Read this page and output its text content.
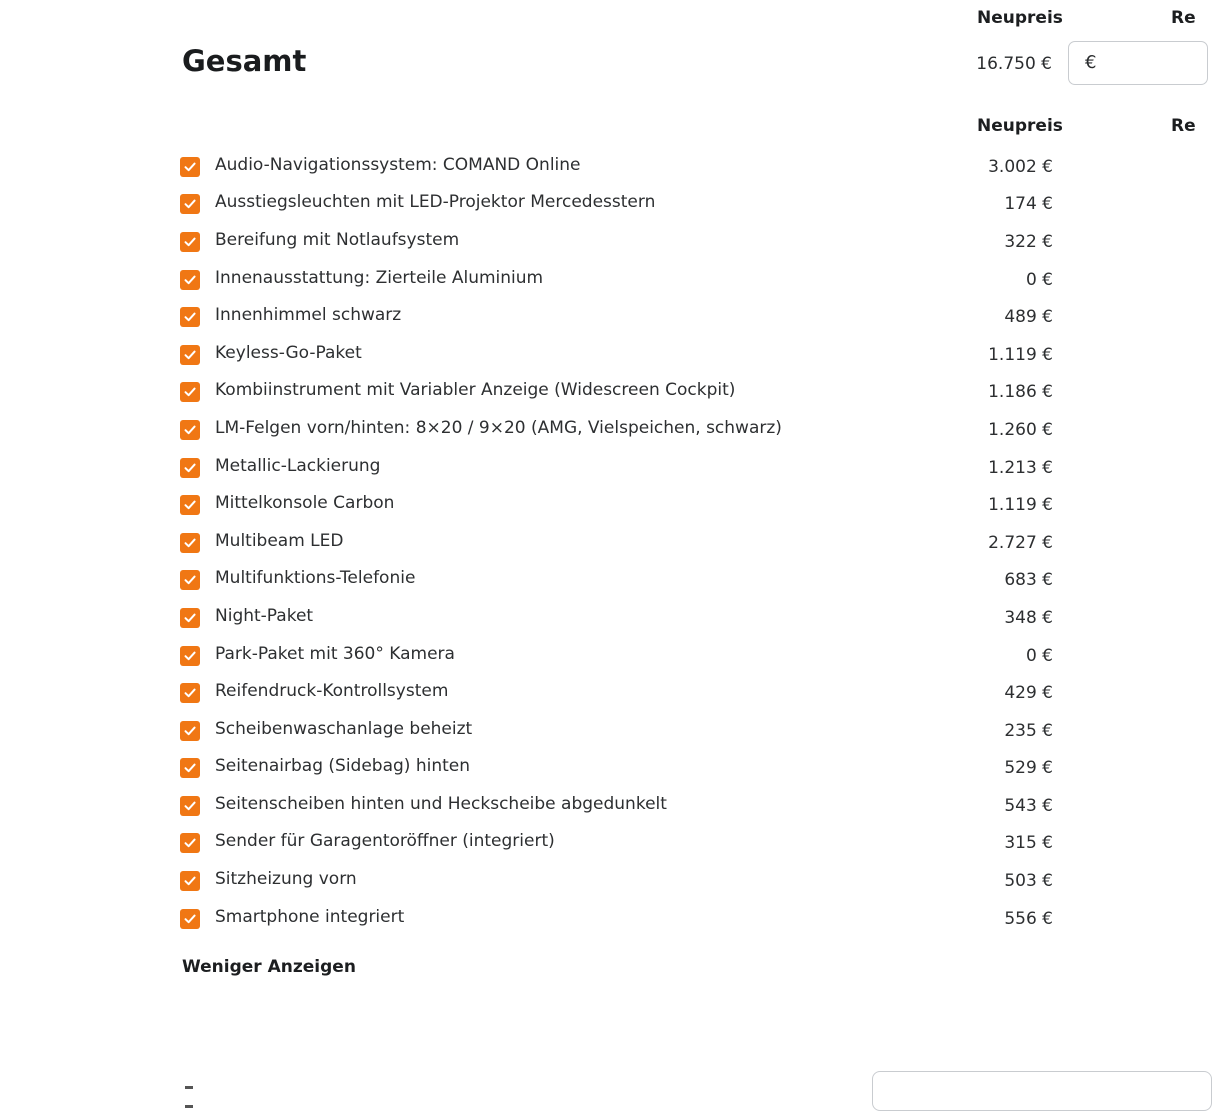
Neupreis	Re
Gesamt	16.750 €	€
Neupreis	Re
Audio-Navigationssystem: COMAND Online	3.002 €
Ausstiegsleuchten mit LED-Projektor Mercedesstern	174 €
Bereifung mit Notlaufsystem	322 €
Innenausstattung: Zierteile Aluminium	0 €
Innenhimmel schwarz	489 €
Keyless-Go-Paket	1.119 €
Kombiinstrument mit Variabler Anzeige (Widescreen Cockpit)	1.186 €
LM-Felgen vorn/hinten: 8×20 / 9×20 (AMG, Vielspeichen, schwarz)	1.260 €
Metallic-Lackierung	1.213 €
Mittelkonsole Carbon	1.119 €
Multibeam LED	2.727 €
Multifunktions-Telefonie	683 €
Night-Paket	348 €
Park-Paket mit 360° Kamera	0 €
Reifendruck-Kontrollsystem	429 €
Scheibenwaschanlage beheizt	235 €
Seitenairbag (Sidebag) hinten	529 €
Seitenscheiben hinten und Heckscheibe abgedunkelt	543 €
Sender für Garagentoröffner (integriert)	315 €
Sitzheizung vorn	503 €
Smartphone integriert	556 €
Weniger Anzeigen
